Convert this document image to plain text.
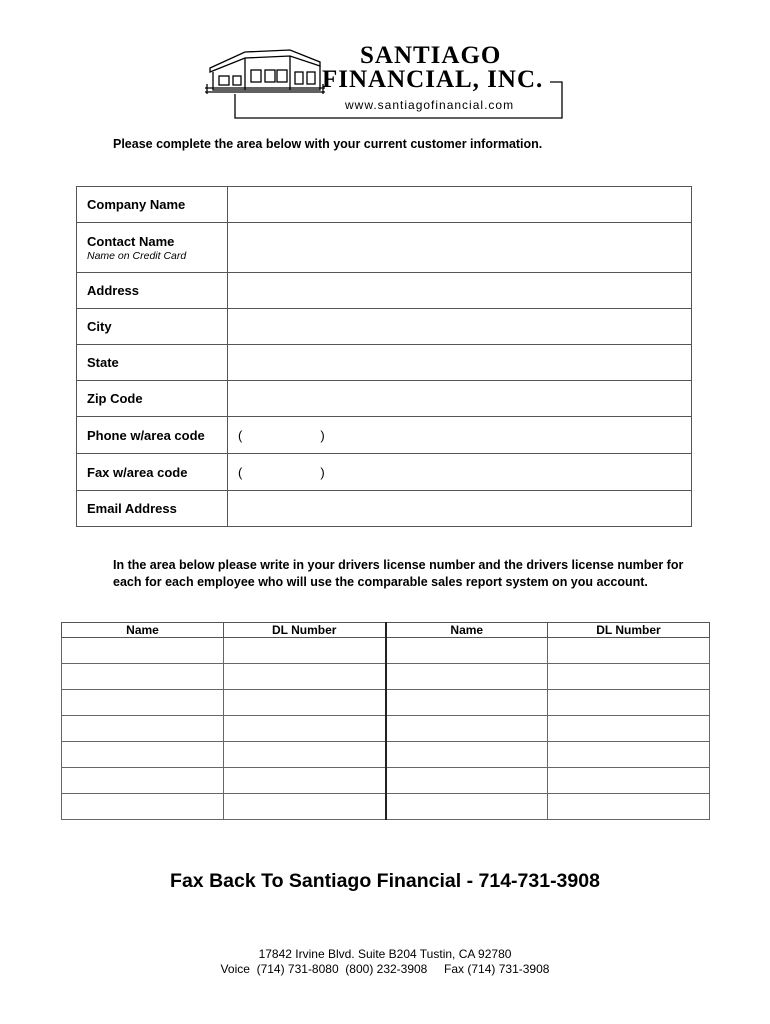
SANTIAGO
FINANCIAL, INC.
www.santiagofinancial.com
Please complete the area below with your current customer information.
Company Name	
Contact Name
Name on Credit Card	

Address	
City	
State	
Zip Code	
Phone w/area code	( )
Fax w/area code	( )
Email Address	
In the area below please write in your drivers license number and the drivers license number for each for each employee who will use the comparable sales report system on you account.
Name	DL Number	Name	DL Number

Fax Back To Santiago Financial - 714-731-3908
17842 Irvine Blvd. Suite B204 Tustin, CA 92780
Voice  (714) 731-8080  (800) 232-3908     Fax (714) 731-3908
